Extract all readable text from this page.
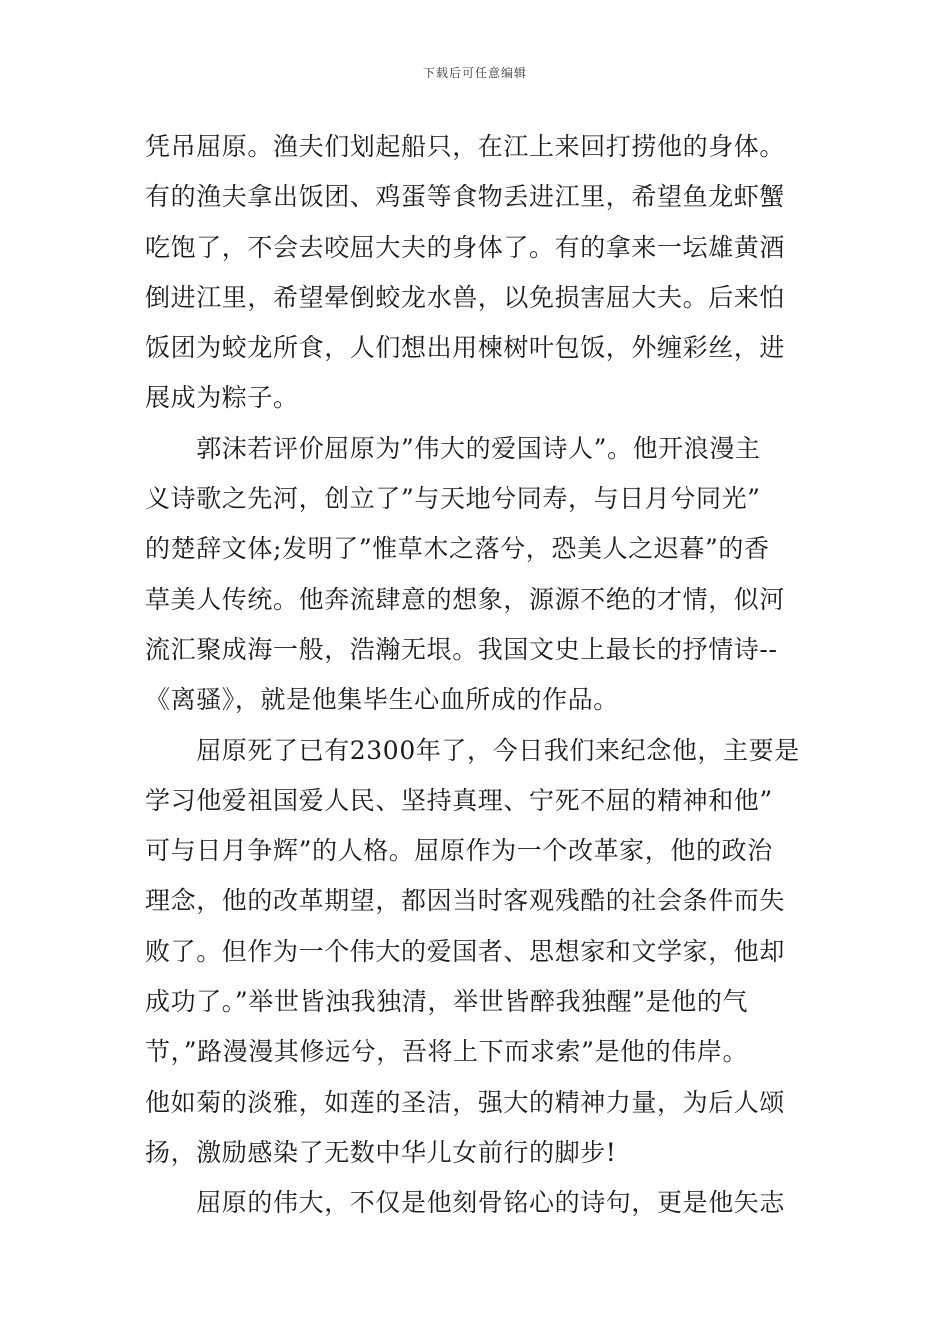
下载后可任意编辑
凭吊屈原。渔夫们划起船只，在江上来回打捞他的身体。
有的渔夫拿出饭团、鸡蛋等食物丢进江里，希望鱼龙虾蟹
吃饱了，不会去咬屈大夫的身体了。有的拿来一坛雄黄酒
倒进江里，希望晕倒蛟龙水兽，以免损害屈大夫。后来怕
饭团为蛟龙所食，人们想出用楝树叶包饭，外缠彩丝，进
展成为粽子。
　　郭沫若评价屈原为”伟大的爱国诗人”。他开浪漫主
义诗歌之先河，创立了”与天地兮同寿，与日月兮同光”
的楚辞文体;发明了”惟草木之落兮，恐美人之迟暮”的香
草美人传统。他奔流肆意的想象，源源不绝的才情，似河
流汇聚成海一般，浩瀚无垠。我国文史上最长的抒情诗--
《离骚》，就是他集毕生心血所成的作品。
　　屈原死了已有2300年了，今日我们来纪念他，主要是
学习他爱祖国爱人民、坚持真理、宁死不屈的精神和他”
可与日月争辉”的人格。屈原作为一个改革家，他的政治
理念，他的改革期望，都因当时客观残酷的社会条件而失
败了。但作为一个伟大的爱国者、思想家和文学家，他却
成功了。”举世皆浊我独清，举世皆醉我独醒”是他的气
节，”路漫漫其修远兮，吾将上下而求索”是他的伟岸。
他如菊的淡雅，如莲的圣洁，强大的精神力量，为后人颂
扬，激励感染了无数中华儿女前行的脚步!
　　屈原的伟大，不仅是他刻骨铭心的诗句，更是他矢志
